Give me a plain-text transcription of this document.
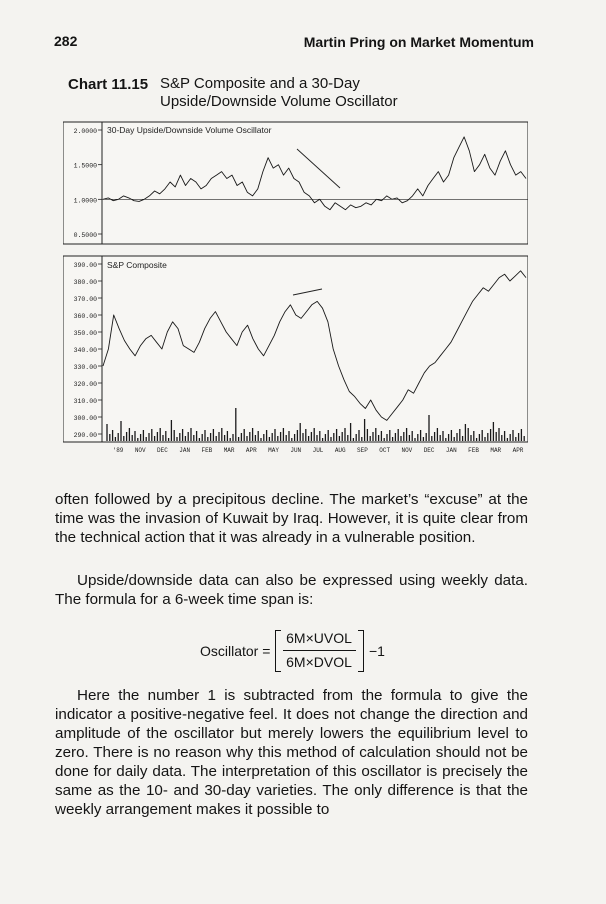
282	Martin Pring on Market Momentum
Chart 11.15 S&P Composite and a 30-Day
Upside/Downside Volume Oscillator
30-Day Upside/Downside Volume Oscillator
2.0000
1.5000
1.0000
0.5000
S&P Composite
390.00
380.00
370.00
360.00
350.00
340.00
330.00
320.00
310.00
300.00
290.00
'89 NOV DEC JAN FEB MAR APR MAY JUN JUL AUG SEP OCT NOV DEC JAN FEB MAR APR

often followed by a precipitous decline. The market’s “excuse” at the time was the invasion of Kuwait by Iraq. However, it is quite clear from the technical action that it was already in a vulnerable position.

Upside/downside data can also be expressed using weekly data. The formula for a 6-week time span is:

Oscillator =
6M×UVOL
6M×DVOL
−1

Here the number 1 is subtracted from the formula to give the indicator a positive-negative feel. It does not change the direction and amplitude of the oscillator but merely lowers the equilibrium level to zero. There is no reason why this method of calculation should not be done for daily data. The interpretation of this oscillator is precisely the same as the 10- and 30-day varieties. The only difference is that the weekly arrangement makes it possible to
